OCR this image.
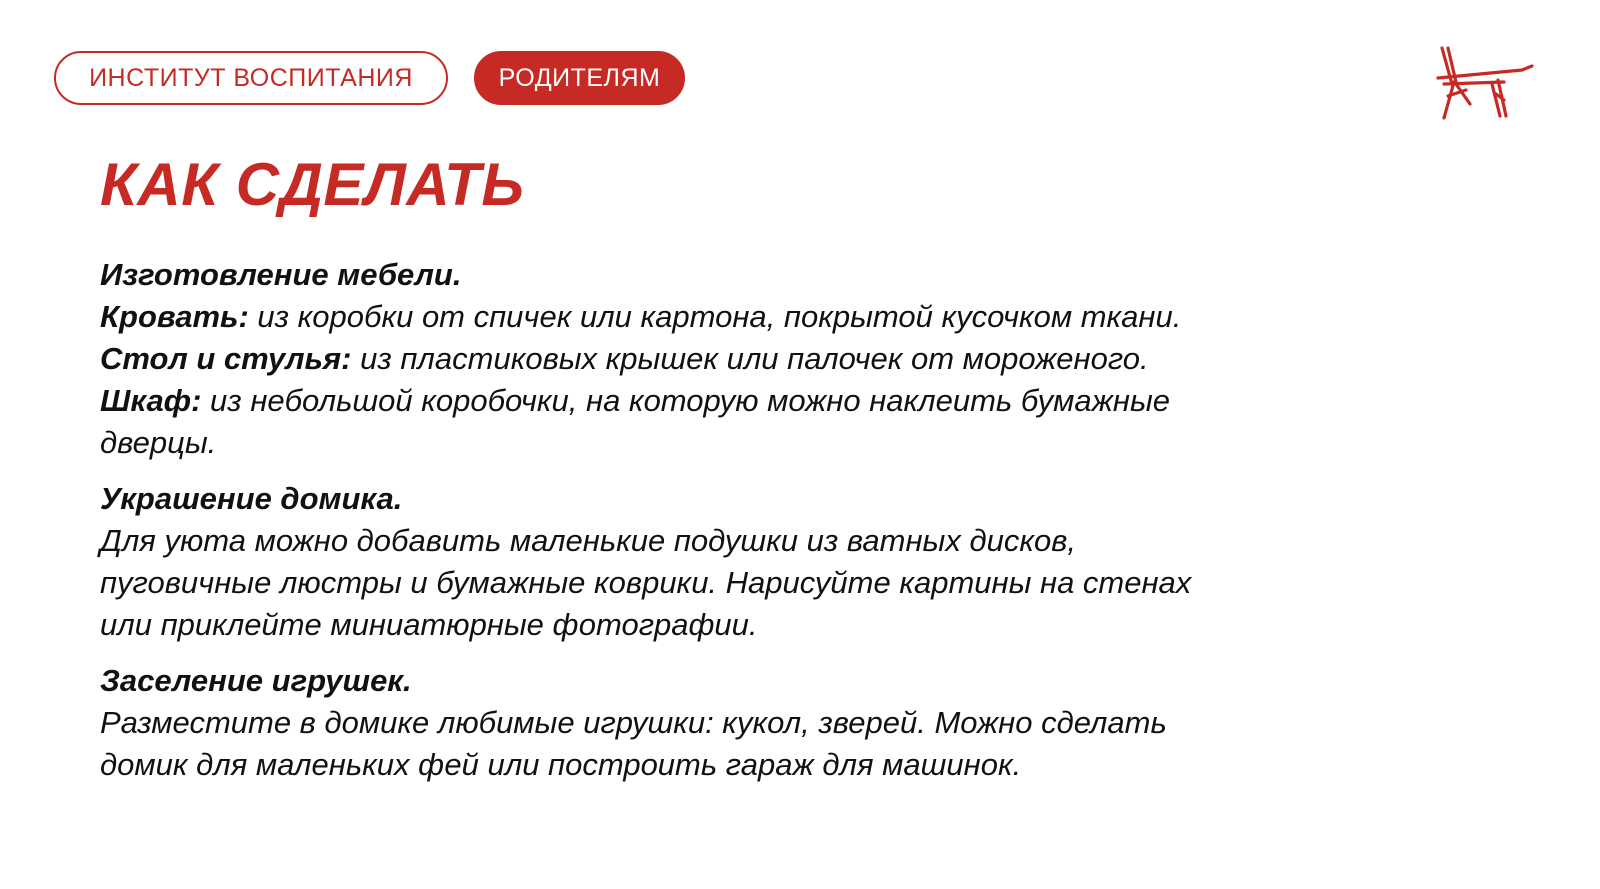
ИНСТИТУТ ВОСПИТАНИЯ	РОДИТЕЛЯМ
КАК СДЕЛАТЬ
Изготовление мебели.
Кровать: из коробки от спичек или картона, покрытой кусочком ткани.
Стол и стулья: из пластиковых крышек или палочек от мороженого.
Шкаф: из небольшой коробочки, на которую можно наклеить бумажные
дверцы.
Украшение домика.
Для уюта можно добавить маленькие подушки из ватных дисков,
пуговичные люстры и бумажные коврики. Нарисуйте картины на стенах
или приклейте миниатюрные фотографии.
Заселение игрушек.
Разместите в домике любимые игрушки: кукол, зверей. Можно сделать
домик для маленьких фей или построить гараж для машинок.
